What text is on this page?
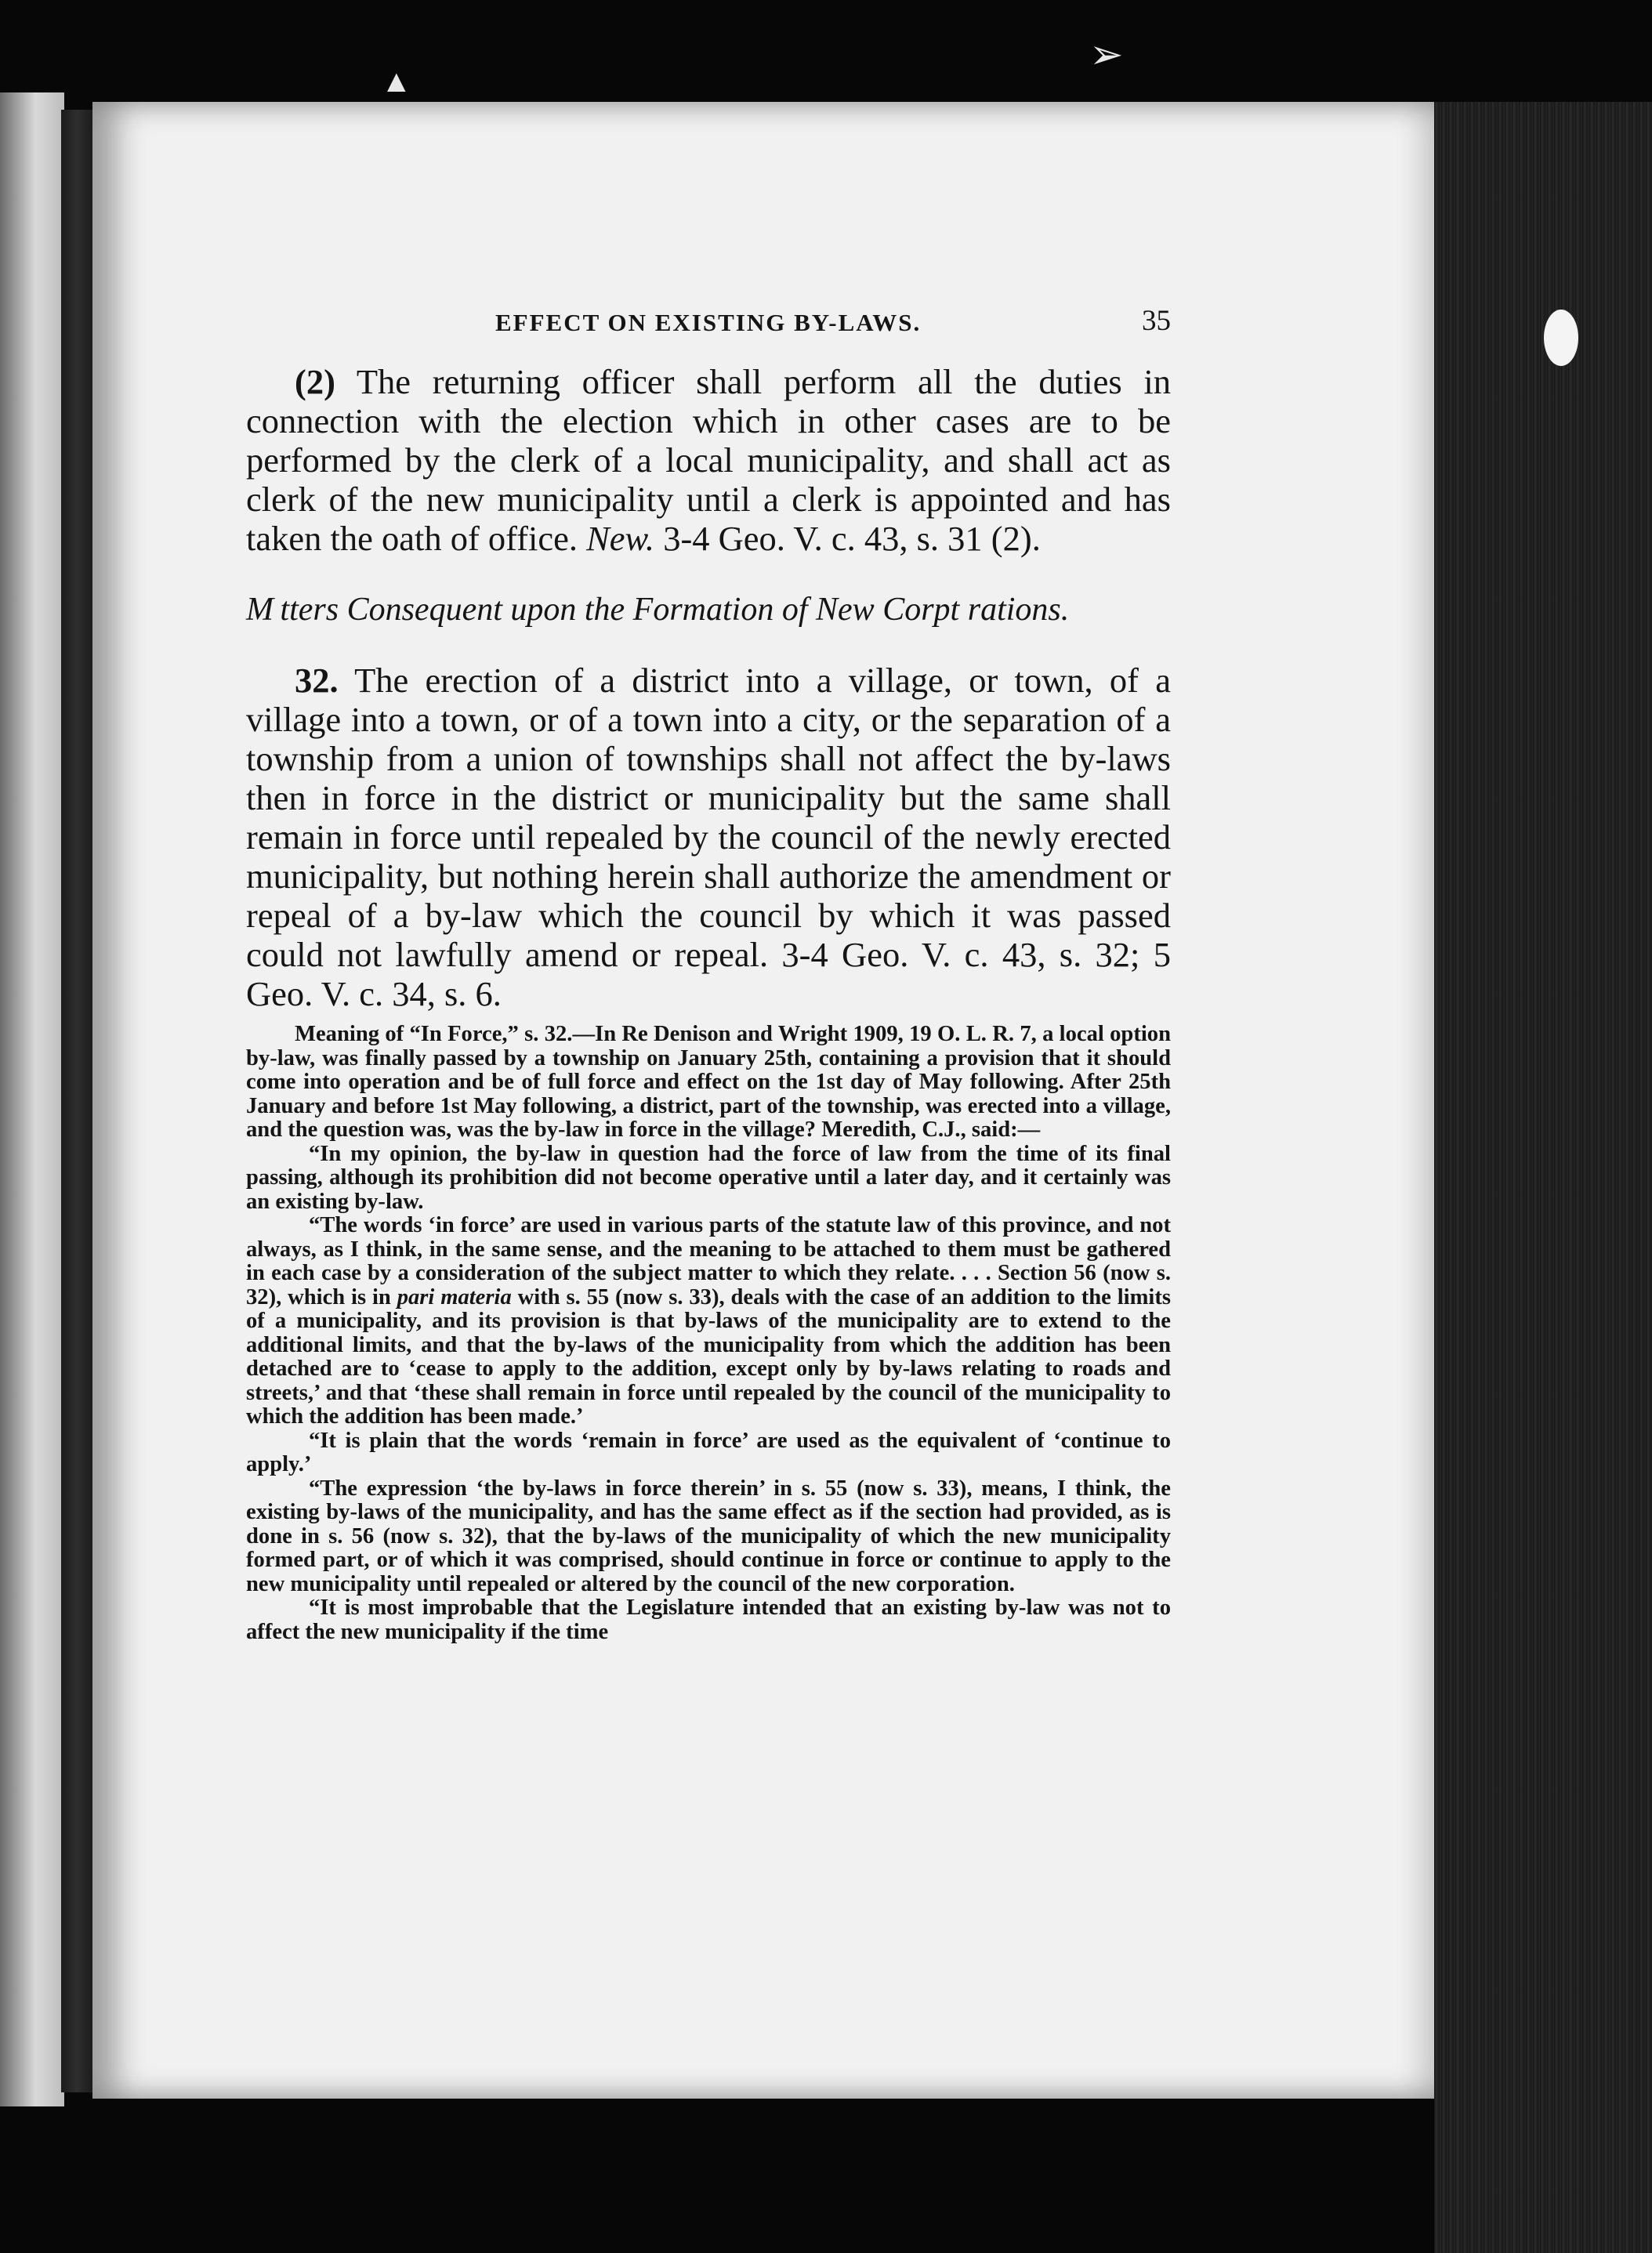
▲
➢
EFFECT ON EXISTING BY-LAWS.	35

(2) The returning officer shall perform all the duties in connection with the election which in other cases are to be performed by the clerk of a local municipality, and shall act as clerk of the new municipality until a clerk is appointed and has taken the oath of office. New. 3-4 Geo. V. c. 43, s. 31 (2).

M tters Consequent upon the Formation of New Corpt rations.

32. The erection of a district into a village, or town, of a village into a town, or of a town into a city, or the separation of a township from a union of townships shall not affect the by-laws then in force in the district or municipality but the same shall remain in force until repealed by the council of the newly erected municipality, but nothing herein shall authorize the amendment or repeal of a by-law which the council by which it was passed could not lawfully amend or repeal. 3-4 Geo. V. c. 43, s. 32; 5 Geo. V. c. 34, s. 6.

Meaning of “In Force,” s. 32.—In Re Denison and Wright 1909, 19 O. L. R. 7, a local option by-law, was finally passed by a township on January 25th, containing a provision that it should come into operation and be of full force and effect on the 1st day of May following. After 25th January and before 1st May following, a district, part of the township, was erected into a village, and the question was, was the by-law in force in the village? Meredith, C.J., said:—

“In my opinion, the by-law in question had the force of law from the time of its final passing, although its prohibition did not become operative until a later day, and it certainly was an existing by-law.

“The words ‘in force’ are used in various parts of the statute law of this province, and not always, as I think, in the same sense, and the meaning to be attached to them must be gathered in each case by a consideration of the subject matter to which they relate. . . . Section 56 (now s. 32), which is in pari materia with s. 55 (now s. 33), deals with the case of an addition to the limits of a municipality, and its provision is that by-laws of the municipality are to extend to the additional limits, and that the by-laws of the municipality from which the addition has been detached are to ‘cease to apply to the addition, except only by by-laws relating to roads and streets,’ and that ‘these shall remain in force until repealed by the council of the municipality to which the addition has been made.’

“It is plain that the words ‘remain in force’ are used as the equivalent of ‘continue to apply.’

“The expression ‘the by-laws in force therein’ in s. 55 (now s. 33), means, I think, the existing by-laws of the municipality, and has the same effect as if the section had provided, as is done in s. 56 (now s. 32), that the by-laws of the municipality of which the new municipality formed part, or of which it was comprised, should continue in force or continue to apply to the new municipality until repealed or altered by the council of the new corporation.

“It is most improbable that the Legislature intended that an existing by-law was not to affect the new municipality if the time
